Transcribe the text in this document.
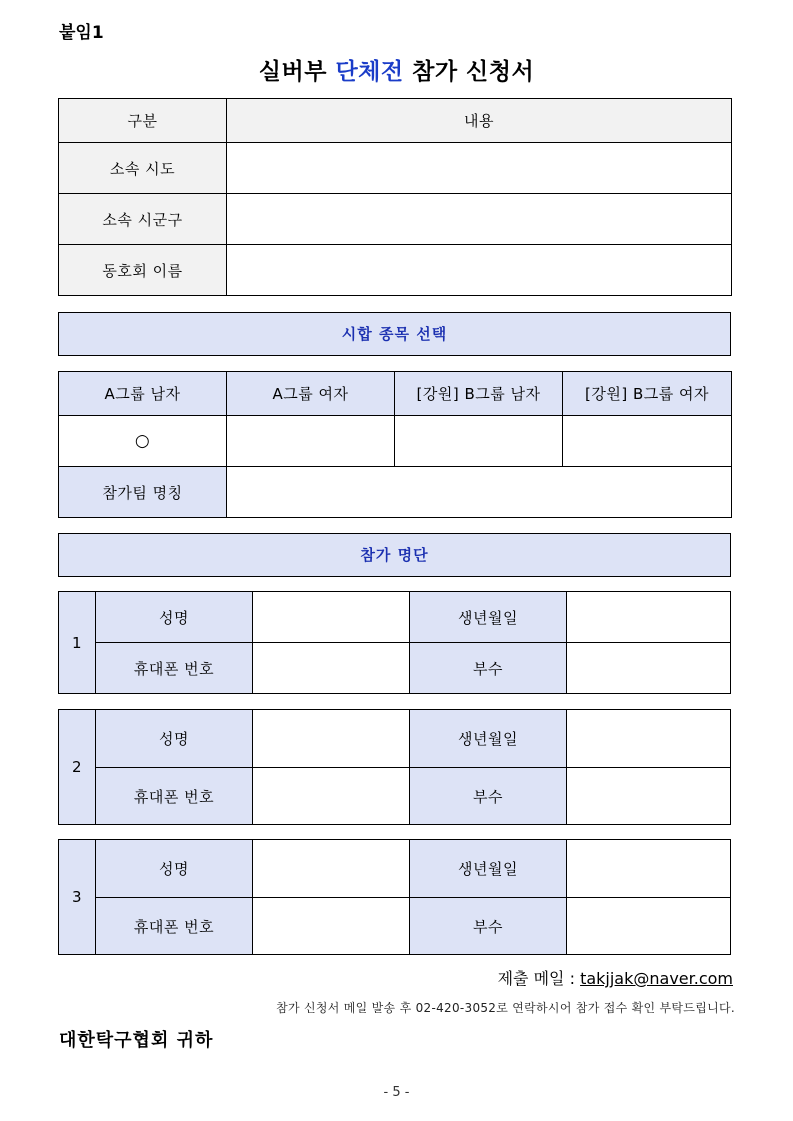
붙임1
실버부 단체전 참가 신청서
구분	내용
소속 시도	
소속 시군구	
동호회 이름	
시합 종목 선택
A그룹 남자	A그룹 여자	[강원] B그룹 남자	[강원] B그룹 여자
○			
참가팀 명칭			
참가 명단
1	성명		생년월일	
	휴대폰 번호		부수	
2	성명		생년월일	
	휴대폰 번호		부수	
3	성명		생년월일	
	휴대폰 번호		부수	
제출 메일 : takjjak@naver.com
참가 신청서 메일 발송 후 02-420-3052로 연락하시어 참가 접수 확인 부탁드립니다.
대한탁구협회 귀하
- 5 -
